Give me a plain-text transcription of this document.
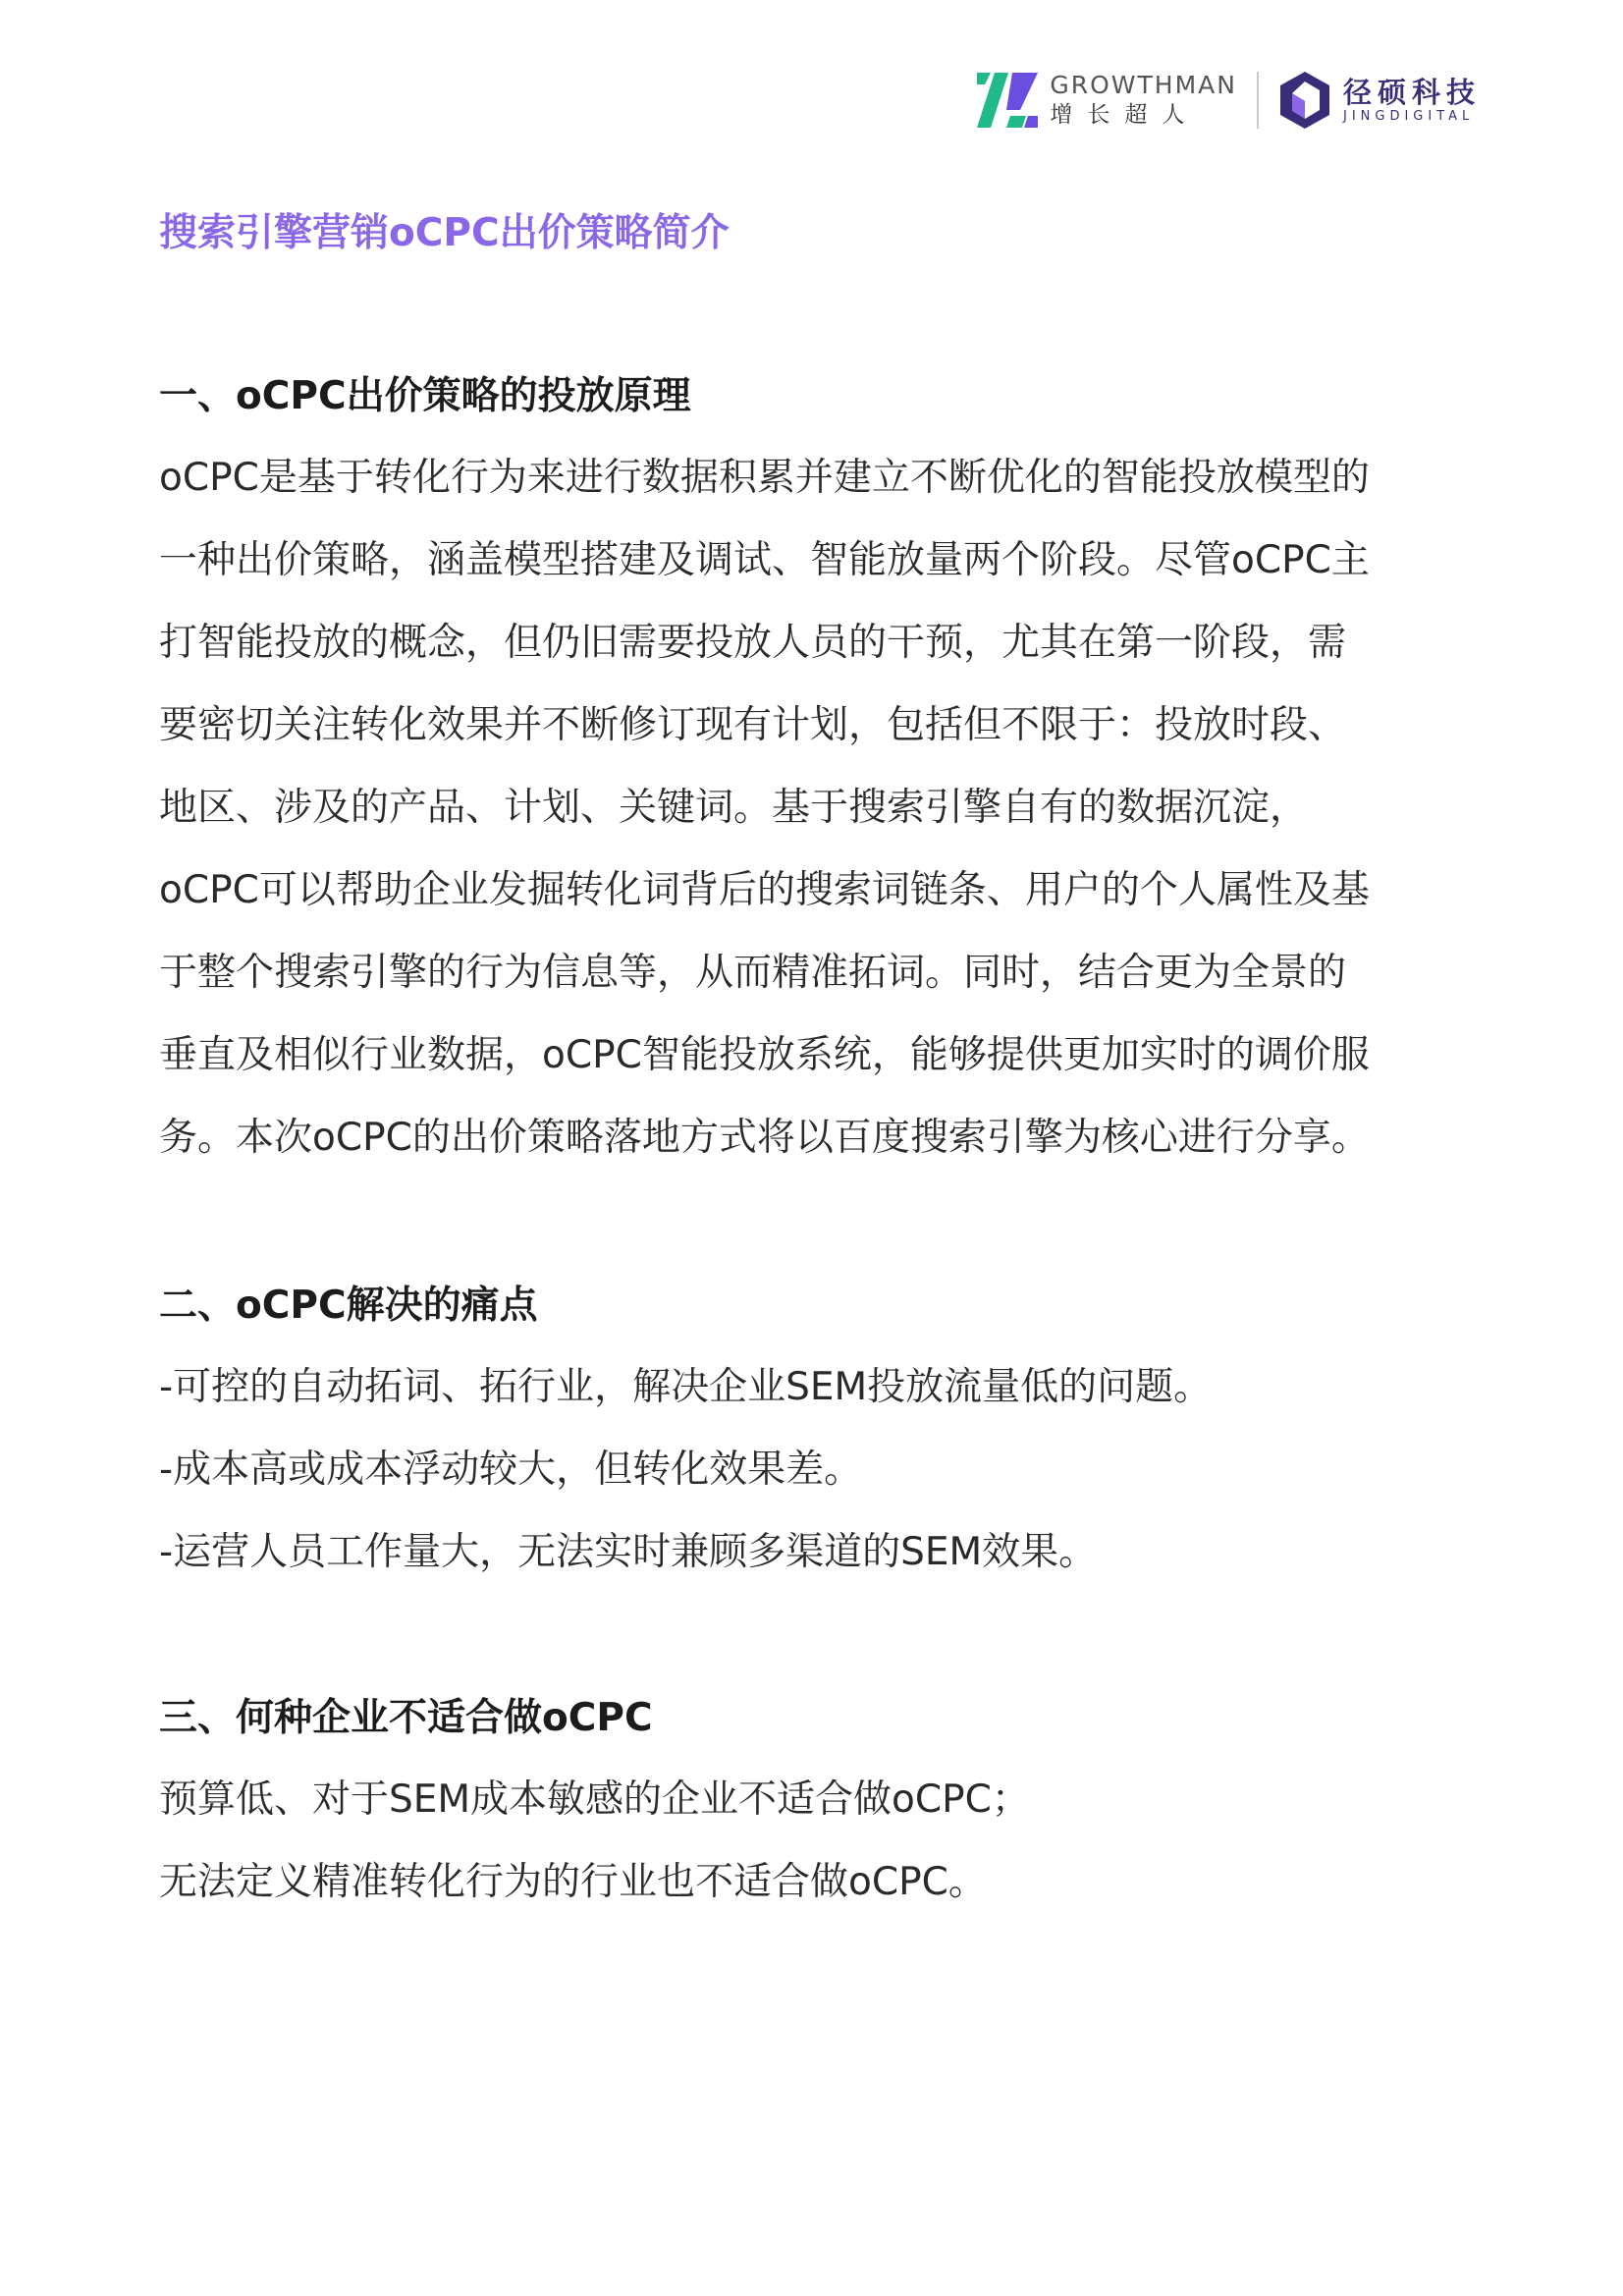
GROWTHMAN
增长超人
径硕科技
JINGDIGITAL
搜索引擎营销oCPC出价策略简介
一、oCPC出价策略的投放原理
oCPC是基于转化行为来进行数据积累并建立不断优化的智能投放模型的
一种出价策略，涵盖模型搭建及调试、智能放量两个阶段。尽管oCPC主
打智能投放的概念，但仍旧需要投放人员的干预，尤其在第一阶段，需
要密切关注转化效果并不断修订现有计划，包括但不限于：投放时段、
地区、涉及的产品、计划、关键词。基于搜索引擎自有的数据沉淀，
oCPC可以帮助企业发掘转化词背后的搜索词链条、用户的个人属性及基
于整个搜索引擎的行为信息等，从而精准拓词。同时，结合更为全景的
垂直及相似行业数据，oCPC智能投放系统，能够提供更加实时的调价服
务。本次oCPC的出价策略落地方式将以百度搜索引擎为核心进行分享。
二、oCPC解决的痛点
-可控的自动拓词、拓行业，解决企业SEM投放流量低的问题。
-成本高或成本浮动较大，但转化效果差。
-运营人员工作量大，无法实时兼顾多渠道的SEM效果。
三、何种企业不适合做oCPC
预算低、对于SEM成本敏感的企业不适合做oCPC；
无法定义精准转化行为的行业也不适合做oCPC。
